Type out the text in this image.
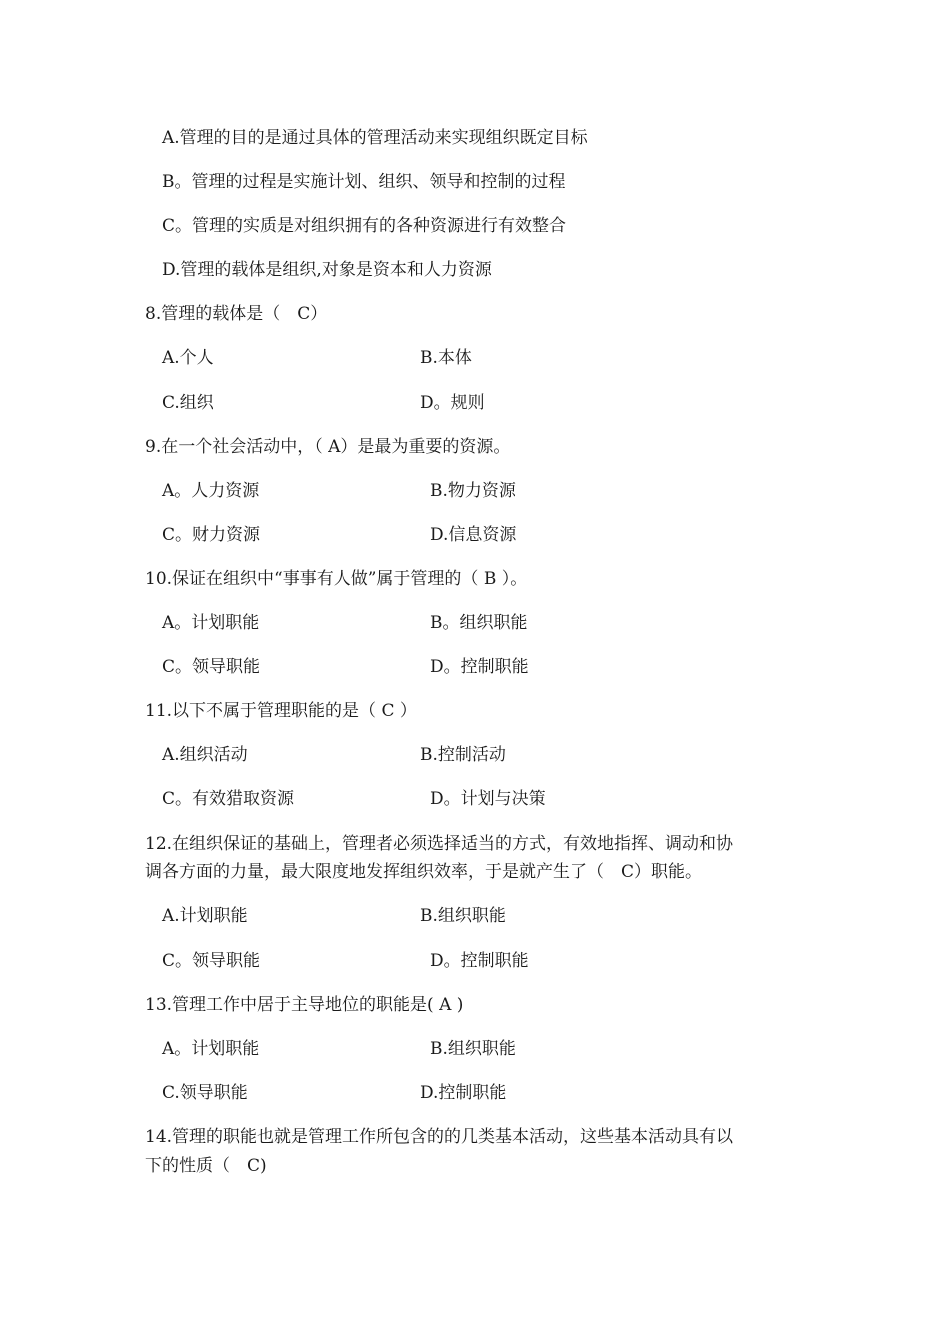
A.管理的目的是通过具体的管理活动来实现组织既定目标
B。管理的过程是实施计划、组织、领导和控制的过程
C。管理的实质是对组织拥有的各种资源进行有效整合
D.管理的载体是组织,对象是资本和人力资源
8.管理的载体是（　C）
A.个人	B.本体
C.组织	D。规则
9.在一个社会活动中，（ A）是最为重要的资源。
A。人力资源	B.物力资源
C。财力资源	D.信息资源
10.保证在组织中“事事有人做”属于管理的（ B ）。
A。计划职能	B。组织职能
C。领导职能	D。控制职能
11.以下不属于管理职能的是（ C ）
A.组织活动	B.控制活动
C。有效猎取资源	D。计划与决策
12.在组织保证的基础上，管理者必须选择适当的方式，有效地指挥、调动和协
调各方面的力量，最大限度地发挥组织效率，于是就产生了（　C）职能。
A.计划职能	B.组织职能
C。领导职能	D。控制职能
13.管理工作中居于主导地位的职能是( A )
A。计划职能	B.组织职能
C.领导职能	D.控制职能
14.管理的职能也就是管理工作所包含的的几类基本活动，这些基本活动具有以
下的性质（　C)
